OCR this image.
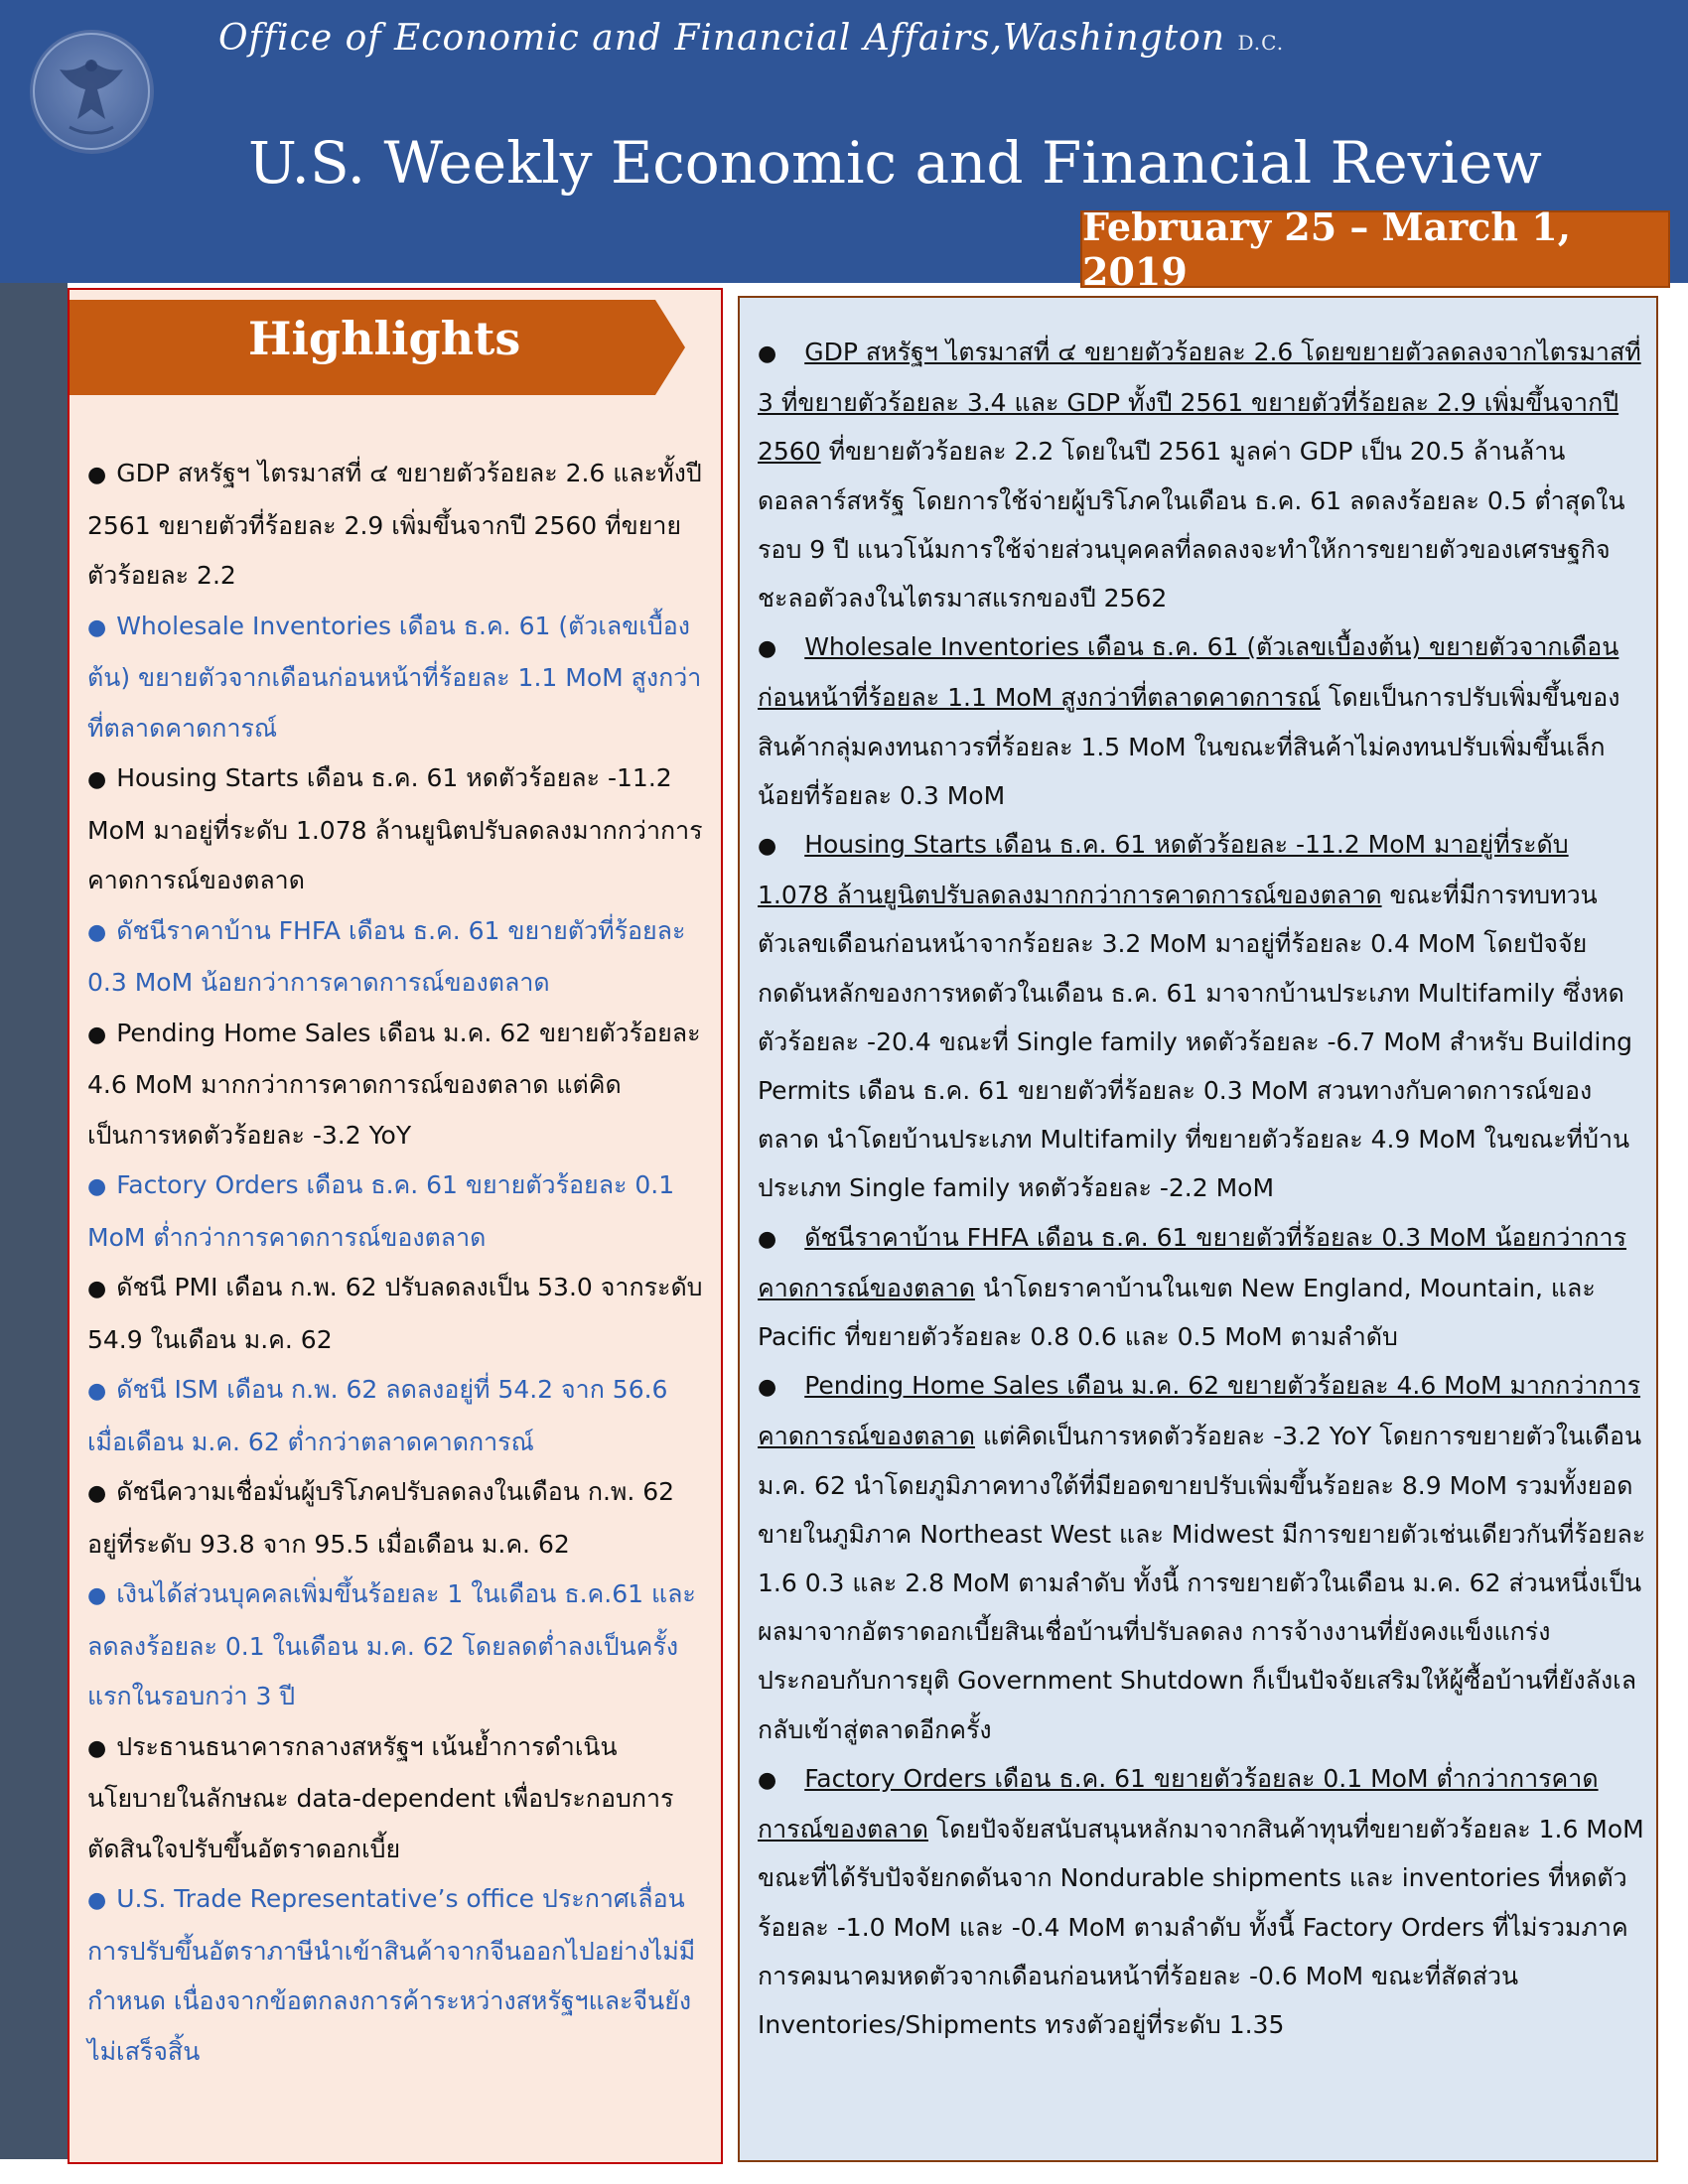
Office of Economic and Financial Affairs,Washington D.C.
U.S. Weekly Economic and Financial Review
February 25 – March 1, 2019
Highlights
● GDP สหรัฐฯ ไตรมาสที่ ๔ ขยายตัวร้อยละ 2.6 และทั้งปี 2561 ขยายตัวที่ร้อยละ 2.9 เพิ่มขึ้นจากปี 2560 ที่ขยายตัวร้อยละ 2.2
● Wholesale Inventories เดือน ธ.ค. 61 (ตัวเลขเบื้องต้น) ขยายตัวจากเดือนก่อนหน้าที่ร้อยละ 1.1 MoM สูงกว่าที่ตลาดคาดการณ์
● Housing Starts เดือน ธ.ค. 61 หดตัวร้อยละ -11.2 MoM มาอยู่ที่ระดับ 1.078 ล้านยูนิตปรับลดลงมากกว่าการคาดการณ์ของตลาด
● ดัชนีราคาบ้าน FHFA เดือน ธ.ค. 61 ขยายตัวที่ร้อยละ 0.3 MoM น้อยกว่าการคาดการณ์ของตลาด
● Pending Home Sales เดือน ม.ค. 62 ขยายตัวร้อยละ 4.6 MoM มากกว่าการคาดการณ์ของตลาด แต่คิดเป็นการหดตัวร้อยละ -3.2 YoY
● Factory Orders เดือน ธ.ค. 61 ขยายตัวร้อยละ 0.1 MoM ต่ำกว่าการคาดการณ์ของตลาด
● ดัชนี PMI เดือน ก.พ. 62 ปรับลดลงเป็น 53.0 จากระดับ 54.9 ในเดือน ม.ค. 62
● ดัชนี ISM เดือน ก.พ. 62 ลดลงอยู่ที่ 54.2 จาก 56.6 เมื่อเดือน ม.ค. 62 ต่ำกว่าตลาดคาดการณ์
● ดัชนีความเชื่อมั่นผู้บริโภคปรับลดลงในเดือน ก.พ. 62 อยู่ที่ระดับ 93.8 จาก 95.5 เมื่อเดือน ม.ค. 62
● เงินได้ส่วนบุคคลเพิ่มขึ้นร้อยละ 1 ในเดือน ธ.ค.61 และลดลงร้อยละ 0.1 ในเดือน ม.ค. 62 โดยลดต่ำลงเป็นครั้งแรกในรอบกว่า 3 ปี
● ประธานธนาคารกลางสหรัฐฯ เน้นย้ำการดำเนินนโยบายในลักษณะ data-dependent เพื่อประกอบการตัดสินใจปรับขึ้นอัตราดอกเบี้ย
● U.S. Trade Representative’s office ประกาศเลื่อนการปรับขึ้นอัตราภาษีนำเข้าสินค้าจากจีนออกไปอย่างไม่มีกำหนด เนื่องจากข้อตกลงการค้าระหว่างสหรัฐฯและจีนยังไม่เสร็จสิ้น

● GDP สหรัฐฯ ไตรมาสที่ ๔ ขยายตัวร้อยละ 2.6 โดยขยายตัวลดลงจากไตรมาสที่ 3 ที่ขยายตัวร้อยละ 3.4 และ GDP ทั้งปี 2561 ขยายตัวที่ร้อยละ 2.9 เพิ่มขึ้นจากปี 2560 ที่ขยายตัวร้อยละ 2.2 โดยในปี 2561 มูลค่า GDP เป็น 20.5 ล้านล้านดอลลาร์สหรัฐ โดยการใช้จ่ายผู้บริโภคในเดือน ธ.ค. 61 ลดลงร้อยละ 0.5 ต่ำสุดในรอบ 9 ปี แนวโน้มการใช้จ่ายส่วนบุคคลที่ลดลงจะทำให้การขยายตัวของเศรษฐกิจชะลอตัวลงในไตรมาสแรกของปี 2562

● Wholesale Inventories เดือน ธ.ค. 61 (ตัวเลขเบื้องต้น) ขยายตัวจากเดือนก่อนหน้าที่ร้อยละ 1.1 MoM สูงกว่าที่ตลาดคาดการณ์ โดยเป็นการปรับเพิ่มขึ้นของสินค้ากลุ่มคงทนถาวรที่ร้อยละ 1.5 MoM ในขณะที่สินค้าไม่คงทนปรับเพิ่มขึ้นเล็กน้อยที่ร้อยละ 0.3 MoM

● Housing Starts เดือน ธ.ค. 61 หดตัวร้อยละ -11.2 MoM มาอยู่ที่ระดับ 1.078 ล้านยูนิตปรับลดลงมากกว่าการคาดการณ์ของตลาด ขณะที่มีการทบทวนตัวเลขเดือนก่อนหน้าจากร้อยละ 3.2 MoM มาอยู่ที่ร้อยละ 0.4 MoM โดยปัจจัยกดดันหลักของการหดตัวในเดือน ธ.ค. 61 มาจากบ้านประเภท Multifamily ซึ่งหดตัวร้อยละ -20.4 ขณะที่ Single family หดตัวร้อยละ -6.7 MoM สำหรับ Building Permits เดือน ธ.ค. 61 ขยายตัวที่ร้อยละ 0.3 MoM สวนทางกับคาดการณ์ของตลาด นำโดยบ้านประเภท Multifamily ที่ขยายตัวร้อยละ 4.9 MoM ในขณะที่บ้านประเภท Single family หดตัวร้อยละ -2.2 MoM

● ดัชนีราคาบ้าน FHFA เดือน ธ.ค. 61 ขยายตัวที่ร้อยละ 0.3 MoM น้อยกว่าการคาดการณ์ของตลาด นำโดยราคาบ้านในเขต New England, Mountain, และ Pacific ที่ขยายตัวร้อยละ 0.8 0.6 และ 0.5 MoM ตามลำดับ

● Pending Home Sales เดือน ม.ค. 62 ขยายตัวร้อยละ 4.6 MoM มากกว่าการคาดการณ์ของตลาด แต่คิดเป็นการหดตัวร้อยละ -3.2 YoY โดยการขยายตัวในเดือน ม.ค. 62 นำโดยภูมิภาคทางใต้ที่มียอดขายปรับเพิ่มขึ้นร้อยละ 8.9 MoM รวมทั้งยอดขายในภูมิภาค Northeast West และ Midwest มีการขยายตัวเช่นเดียวกันที่ร้อยละ 1.6 0.3 และ 2.8 MoM ตามลำดับ ทั้งนี้ การขยายตัวในเดือน ม.ค. 62 ส่วนหนึ่งเป็นผลมาจากอัตราดอกเบี้ยสินเชื่อบ้านที่ปรับลดลง การจ้างงานที่ยังคงแข็งแกร่ง ประกอบกับการยุติ Government Shutdown ก็เป็นปัจจัยเสริมให้ผู้ซื้อบ้านที่ยังลังเลกลับเข้าสู่ตลาดอีกครั้ง

● Factory Orders เดือน ธ.ค. 61 ขยายตัวร้อยละ 0.1 MoM ต่ำกว่าการคาดการณ์ของตลาด โดยปัจจัยสนับสนุนหลักมาจากสินค้าทุนที่ขยายตัวร้อยละ 1.6 MoM ขณะที่ได้รับปัจจัยกดดันจาก Nondurable shipments และ inventories ที่หดตัวร้อยละ -1.0 MoM และ -0.4 MoM ตามลำดับ ทั้งนี้ Factory Orders ที่ไม่รวมภาคการคมนาคมหดตัวจากเดือนก่อนหน้าที่ร้อยละ -0.6 MoM ขณะที่สัดส่วน Inventories/Shipments ทรงตัวอยู่ที่ระดับ 1.35
